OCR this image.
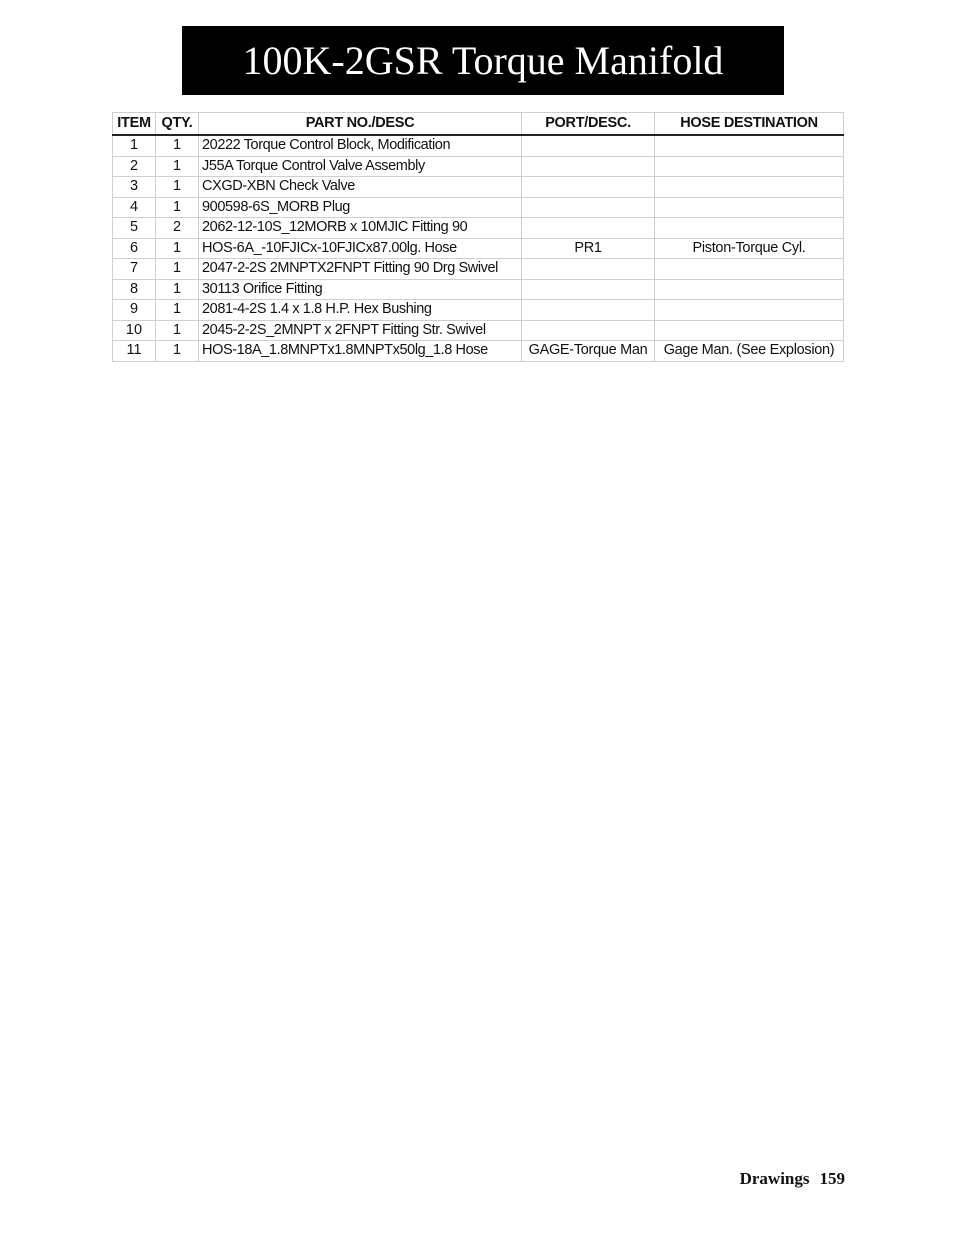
100K-2GSR Torque Manifold
ITEM	QTY.	PART NO./DESC	PORT/DESC.	HOSE DESTINATION
1	1	20222 Torque Control Block, Modification		
2	1	J55A Torque Control Valve Assembly		
3	1	CXGD-XBN Check Valve		
4	1	900598-6S_MORB Plug		
5	2	2062-12-10S_12MORB x 10MJIC Fitting 90		
6	1	HOS-6A_-10FJICx-10FJICx87.00lg. Hose	PR1	Piston-Torque Cyl.
7	1	2047-2-2S 2MNPTX2FNPT Fitting 90 Drg Swivel		
8	1	30113 Orifice Fitting		
9	1	2081-4-2S 1.4 x 1.8 H.P. Hex Bushing		
10	1	2045-2-2S_2MNPT x 2FNPT Fitting Str. Swivel		
11	1	HOS-18A_1.8MNPTx1.8MNPTx50lg_1.8 Hose	GAGE-Torque Man	Gage Man. (See Explosion)
Drawings 159
